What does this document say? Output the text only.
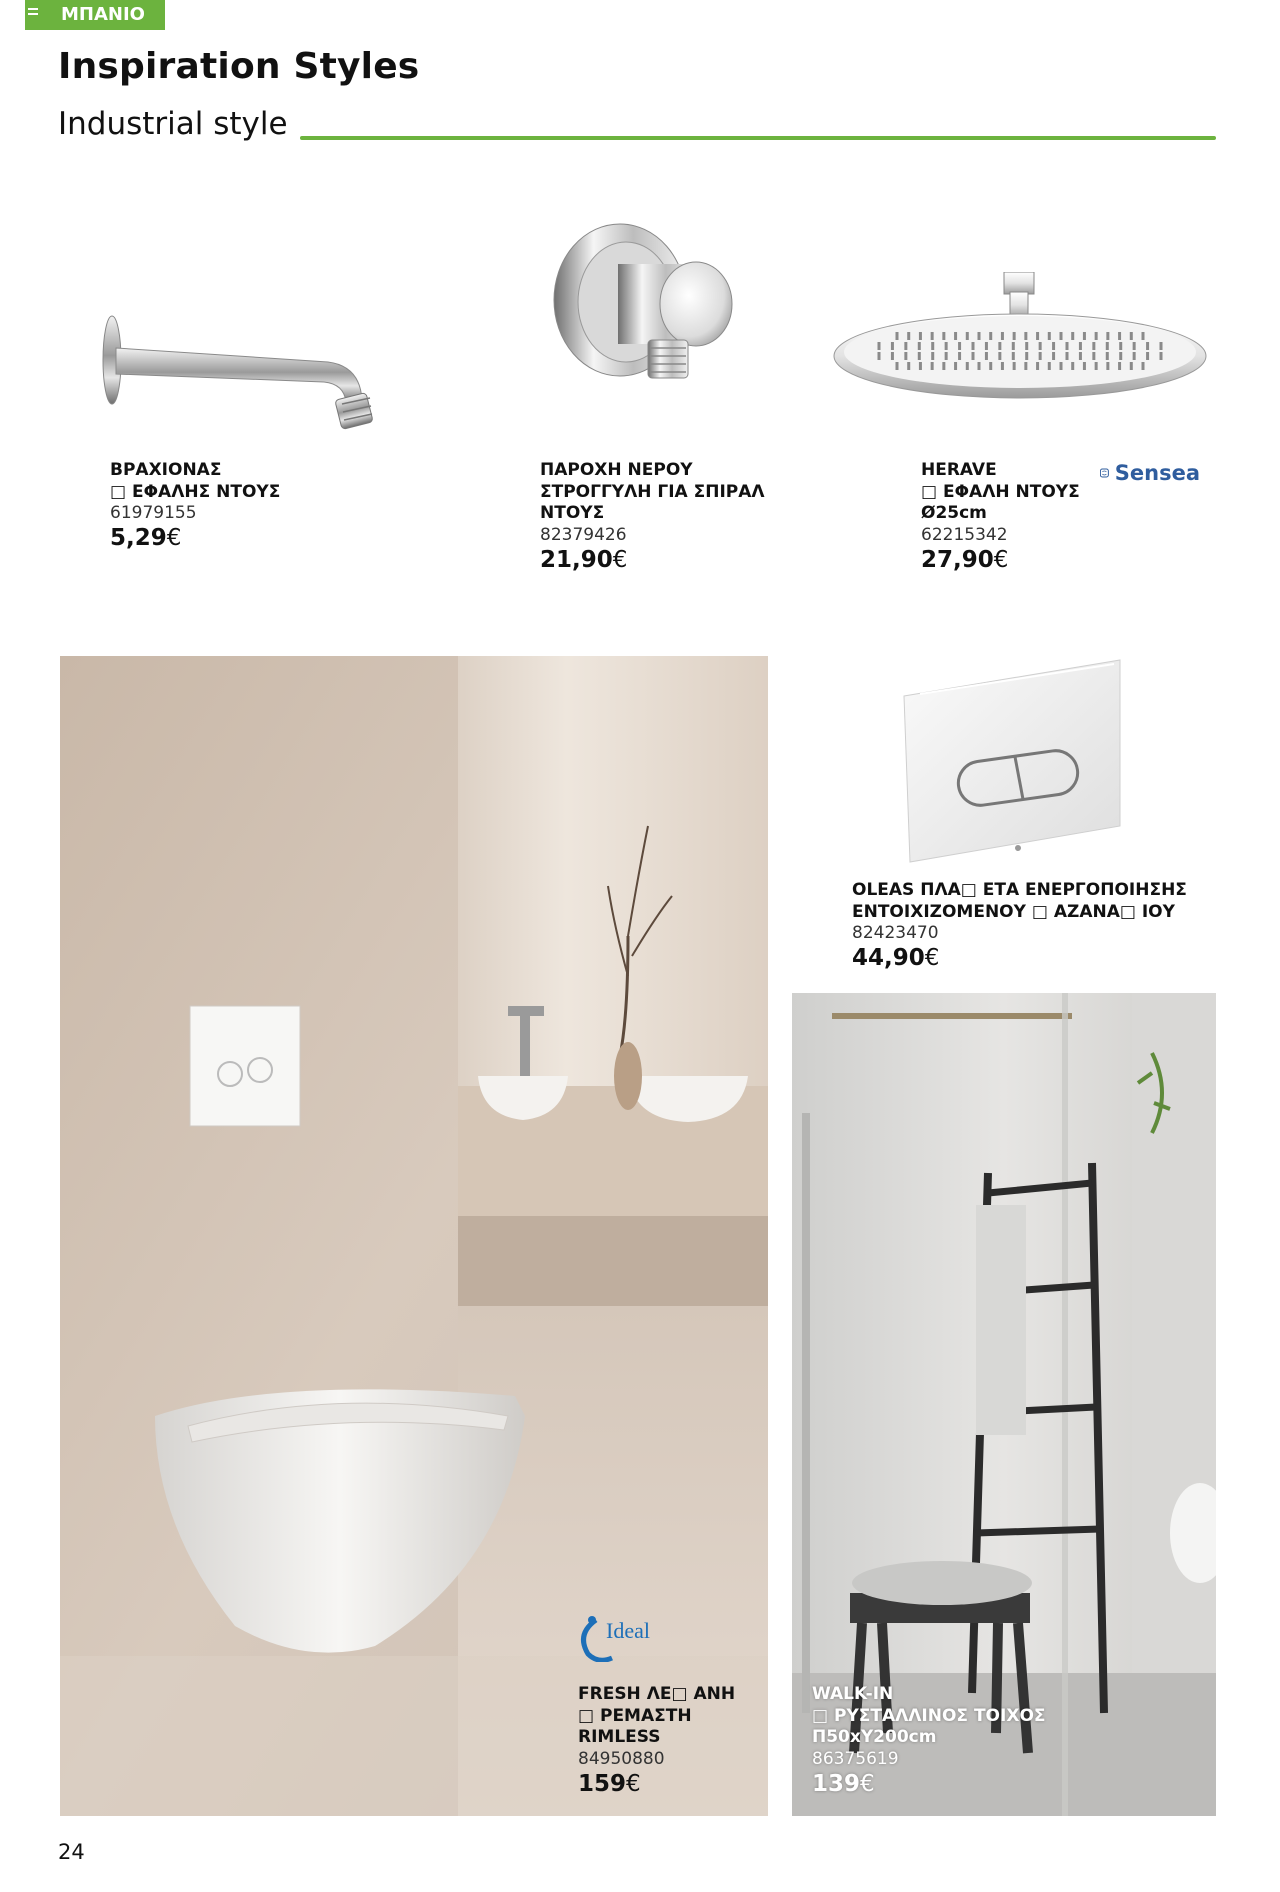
ΜΠΑΝΙΟ
Inspiration Styles
Industrial style
Sensea
ΒΡΑΧΙΟΝΑΣ
□ ΕΦΑΛΗΣ ΝΤΟΥΣ
61979155
5,29€
ΠΑΡΟΧΗ ΝΕΡΟΥ
ΣΤΡΟΓΓΥΛΗ ΓΙΑ ΣΠΙΡΑΛ
ΝΤΟΥΣ
82379426
21,90€
HERAVE
□ ΕΦΑΛΗ ΝΤΟΥΣ
Ø25cm
62215342
27,90€
Ideal
FRESH ΛΕ□ ΑΝΗ
□ ΡΕΜΑΣΤΗ
RIMLESS
84950880
159€
OLEAS ΠΛΑ□ ΕΤΑ ΕΝΕΡΓΟΠΟΙΗΣΗΣ
ΕΝΤΟΙΧΙΖΟΜΕΝΟΥ □ ΑΖΑΝΑ□ ΙΟΥ
82423470
44,90€
WALK-IN
□ ΡΥΣΤΑΛΛΙΝΟΣ ΤΟΙΧΟΣ
Π50xΥ200cm
86375619
139€
24
